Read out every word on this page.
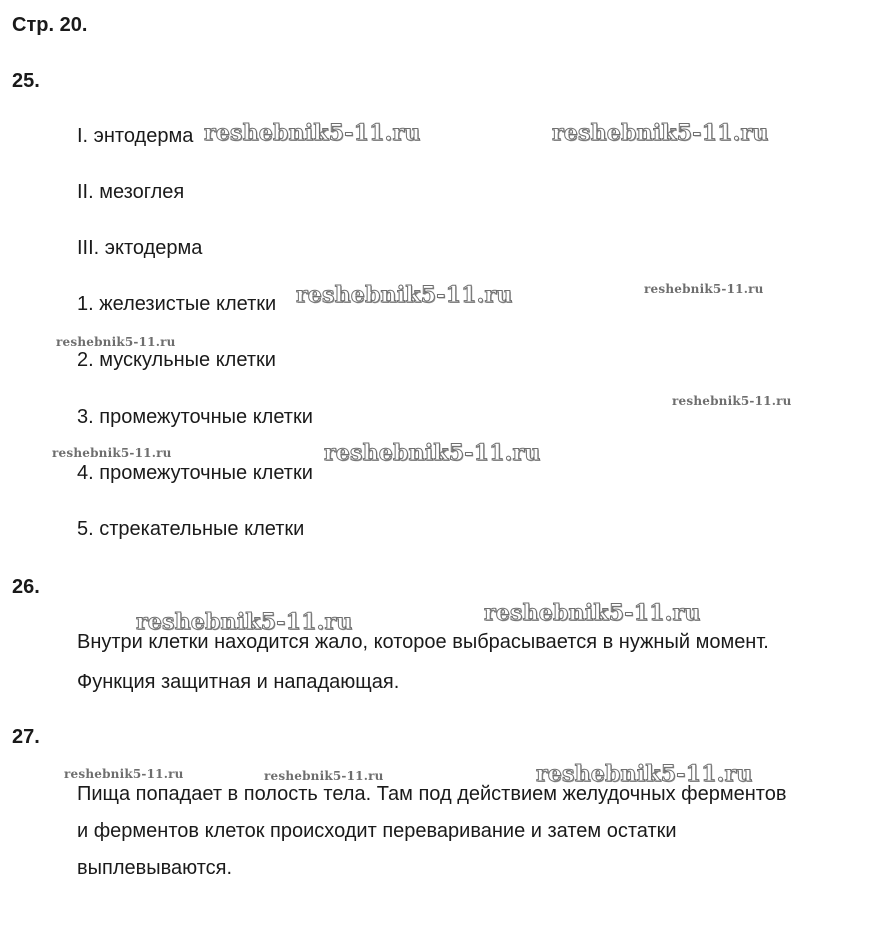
Стр. 20.
25.

I. энтодерма

II. мезоглея

III. эктодерма

1. железистые клетки

2. мускульные клетки

3. промежуточные клетки

4. промежуточные клетки

5. стрекательные клетки

26.

Внутри клетки находится жало, которое выбрасывается в нужный момент.

Функция защитная и нападающая.

27.

Пища попадает в полость тела. Там под действием желудочных ферментов

и ферментов клеток происходит переваривание и затем остатки

выплевываются.

reshebnik5-11.ru	reshebnik5-11.ru
reshebnik5-11.ru	reshebnik5-11.ru
reshebnik5-11.ru
reshebnik5-11.ru
reshebnik5-11.ru	reshebnik5-11.ru
reshebnik5-11.ru	reshebnik5-11.ru
reshebnik5-11.ru	reshebnik5-11.ru	reshebnik5-11.ru
